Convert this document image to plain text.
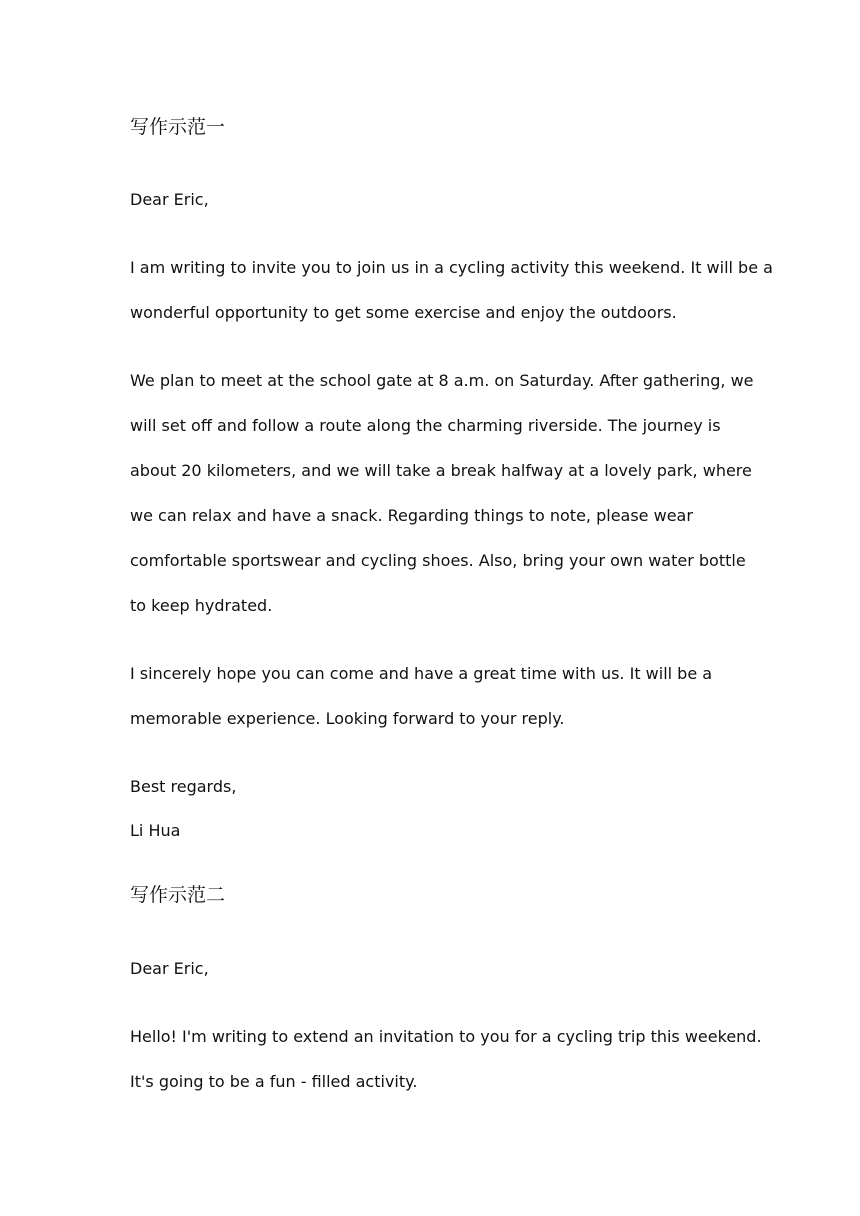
写作示范一
Dear Eric,
I am writing to invite you to join us in a cycling activity this weekend. It will be a
wonderful opportunity to get some exercise and enjoy the outdoors.
We plan to meet at the school gate at 8 a.m. on Saturday. After gathering, we
will set off and follow a route along the charming riverside. The journey is
about 20 kilometers, and we will take a break halfway at a lovely park, where
we can relax and have a snack. Regarding things to note, please wear
comfortable sportswear and cycling shoes. Also, bring your own water bottle
to keep hydrated.
I sincerely hope you can come and have a great time with us. It will be a
memorable experience. Looking forward to your reply.
Best regards,
Li Hua
写作示范二
Dear Eric,
Hello! I'm writing to extend an invitation to you for a cycling trip this weekend.
It's going to be a fun - filled activity.
